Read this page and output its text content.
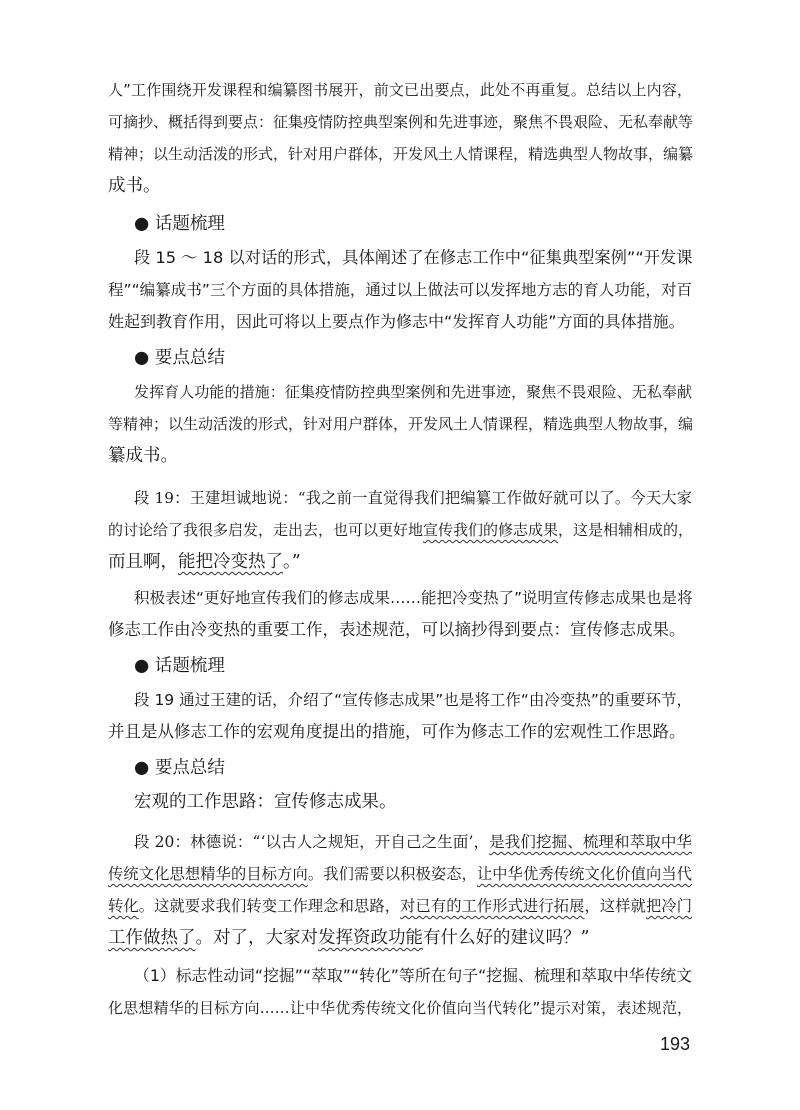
人”工作围绕开发课程和编纂图书展开，前文已出要点，此处不再重复。总结以上内容，
可摘抄、概括得到要点：征集疫情防控典型案例和先进事迹，聚焦不畏艰险、无私奉献等
精神；以生动活泼的形式，针对用户群体，开发风土人情课程，精选典型人物故事，编纂
成书。
● 话题梳理
段 15 ～ 18 以对话的形式，具体阐述了在修志工作中“征集典型案例”“开发课
程”“编纂成书”三个方面的具体措施，通过以上做法可以发挥地方志的育人功能，对百
姓起到教育作用，因此可将以上要点作为修志中“发挥育人功能”方面的具体措施。
● 要点总结
发挥育人功能的措施：征集疫情防控典型案例和先进事迹，聚焦不畏艰险、无私奉献
等精神；以生动活泼的形式，针对用户群体，开发风土人情课程，精选典型人物故事，编
纂成书。
段 19：王建坦诚地说：“我之前一直觉得我们把编纂工作做好就可以了。今天大家
的讨论给了我很多启发，走出去，也可以更好地宣传我们的修志成果，这是相辅相成的，
而且啊，能把冷变热了。”
积极表述“更好地宣传我们的修志成果……能把冷变热了”说明宣传修志成果也是将
修志工作由冷变热的重要工作，表述规范，可以摘抄得到要点：宣传修志成果。
● 话题梳理
段 19 通过王建的话，介绍了“宣传修志成果”也是将工作“由冷变热”的重要环节，
并且是从修志工作的宏观角度提出的措施，可作为修志工作的宏观性工作思路。
● 要点总结
宏观的工作思路：宣传修志成果。
段 20：林德说：“‘以古人之规矩，开自己之生面’，是我们挖掘、梳理和萃取中华
传统文化思想精华的目标方向。我们需要以积极姿态，让中华优秀传统文化价值向当代
转化。这就要求我们转变工作理念和思路，对已有的工作形式进行拓展，这样就把冷门
工作做热了。对了，大家对发挥资政功能有什么好的建议吗？”
（1）标志性动词“挖掘”“萃取”“转化”等所在句子“挖掘、梳理和萃取中华传统文
化思想精华的目标方向……让中华优秀传统文化价值向当代转化”提示对策，表述规范，
193
